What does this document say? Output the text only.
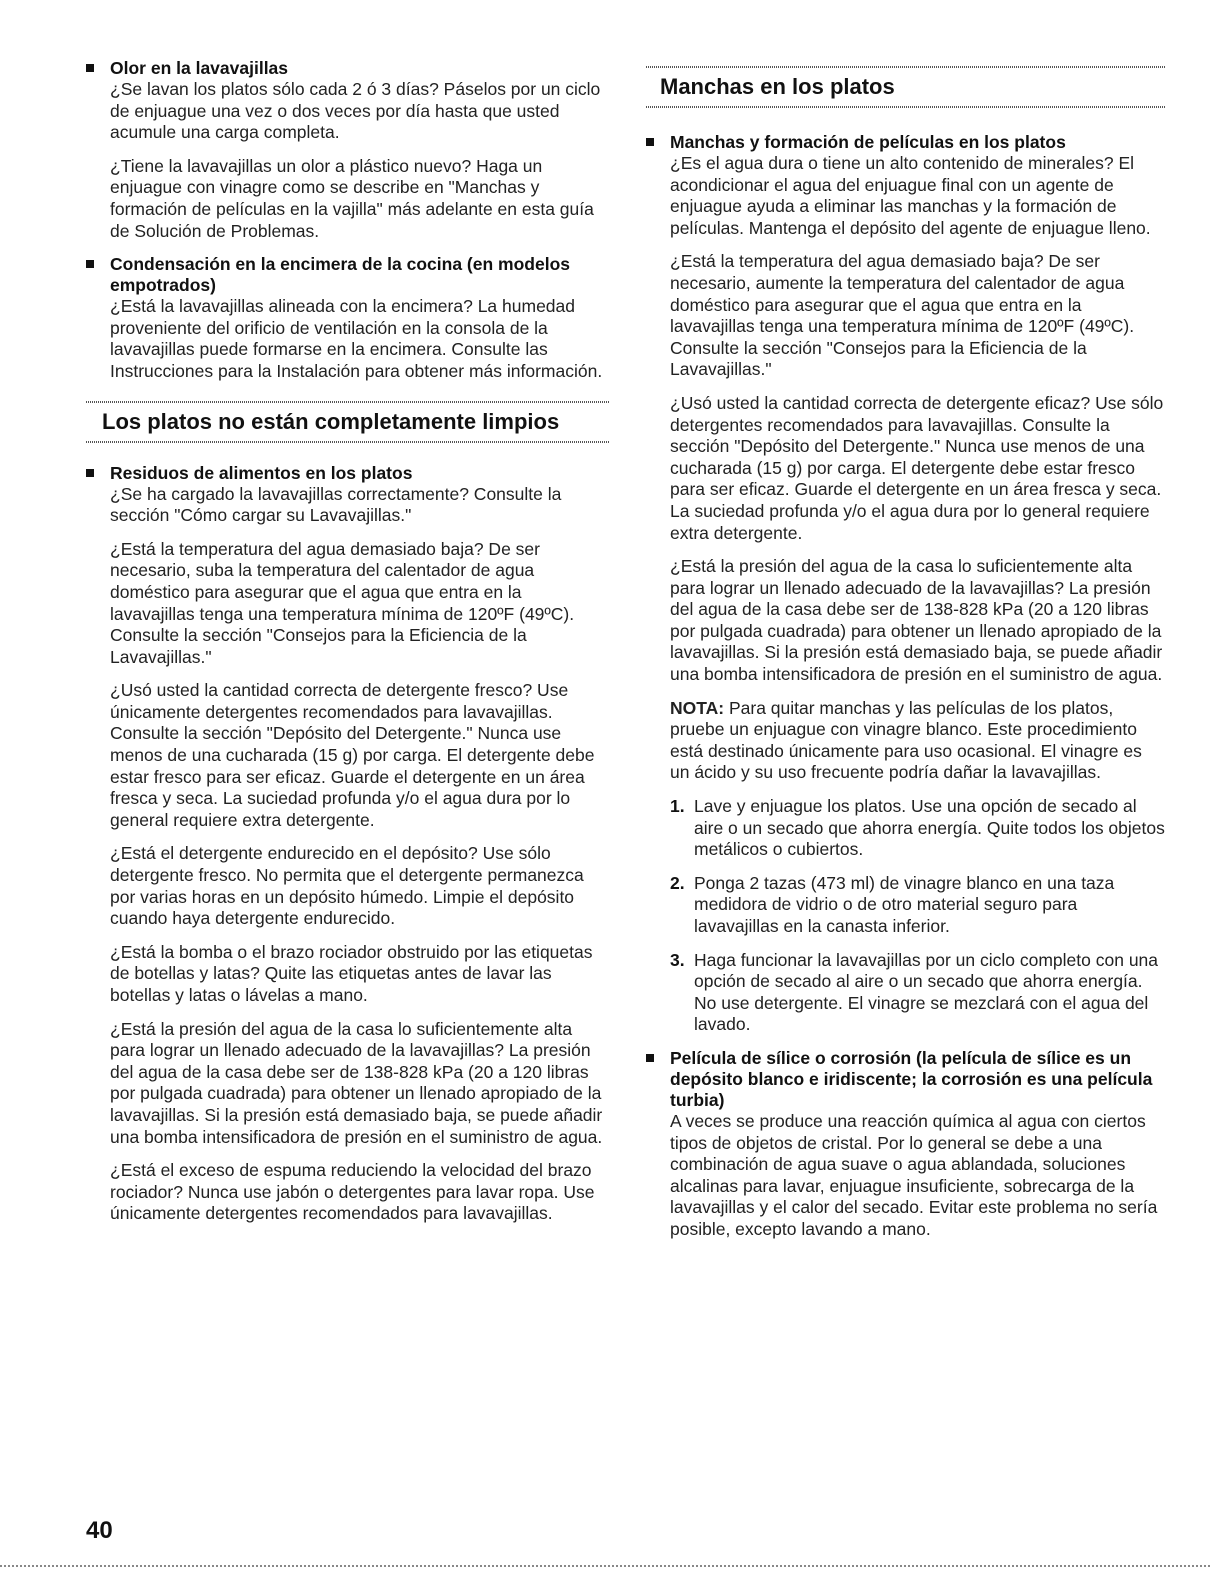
Olor en la lavavajillas

¿Se lavan los platos sólo cada 2 ó 3 días? Páselos por un ciclo de enjuague una vez o dos veces por día hasta que usted acumule una carga completa.

¿Tiene la lavavajillas un olor a plástico nuevo? Haga un enjuague con vinagre como se describe en "Manchas y formación de películas en la vajilla" más adelante en esta guía de Solución de Problemas.

Condensación en la encimera de la cocina (en modelos empotrados)

¿Está la lavavajillas alineada con la encimera? La humedad proveniente del orificio de ventilación en la consola de la lavavajillas puede formarse en la encimera. Consulte las Instrucciones para la Instalación para obtener más información.

Los platos no están completamente limpios
Residuos de alimentos en los platos

¿Se ha cargado la lavavajillas correctamente? Consulte la sección "Cómo cargar su Lavavajillas."

¿Está la temperatura del agua demasiado baja? De ser necesario, suba la temperatura del calentador de agua doméstico para asegurar que el agua que entra en la lavavajillas tenga una temperatura mínima de 120ºF (49ºC). Consulte la sección "Consejos para la Eficiencia de la Lavavajillas."

¿Usó usted la cantidad correcta de detergente fresco? Use únicamente detergentes recomendados para lavavajillas. Consulte la sección "Depósito del Detergente." Nunca use menos de una cucharada (15 g) por carga. El detergente debe estar fresco para ser eficaz. Guarde el detergente en un área fresca y seca. La suciedad profunda y/o el agua dura por lo general requiere extra detergente.

¿Está el detergente endurecido en el depósito? Use sólo detergente fresco. No permita que el detergente permanezca por varias horas en un depósito húmedo. Limpie el depósito cuando haya detergente endurecido.

¿Está la bomba o el brazo rociador obstruido por las etiquetas de botellas y latas? Quite las etiquetas antes de lavar las botellas y latas o lávelas a mano.

¿Está la presión del agua de la casa lo suficientemente alta para lograr un llenado adecuado de la lavavajillas? La presión del agua de la casa debe ser de 138-828 kPa (20 a 120 libras por pulgada cuadrada) para obtener un llenado apropiado de la lavavajillas. Si la presión está demasiado baja, se puede añadir una bomba intensificadora de presión en el suministro de agua.

¿Está el exceso de espuma reduciendo la velocidad del brazo rociador? Nunca use jabón o detergentes para lavar ropa. Use únicamente detergentes recomendados para lavavajillas.

Manchas en los platos
Manchas y formación de películas en los platos

¿Es el agua dura o tiene un alto contenido de minerales? El acondicionar el agua del enjuague final con un agente de enjuague ayuda a eliminar las manchas y la formación de películas. Mantenga el depósito del agente de enjuague lleno.

¿Está la temperatura del agua demasiado baja? De ser necesario, aumente la temperatura del calentador de agua doméstico para asegurar que el agua que entra en la lavavajillas tenga una temperatura mínima de 120ºF (49ºC). Consulte la sección "Consejos para la Eficiencia de la Lavavajillas."

¿Usó usted la cantidad correcta de detergente eficaz? Use sólo detergentes recomendados para lavavajillas. Consulte la sección "Depósito del Detergente." Nunca use menos de una cucharada (15 g) por carga. El detergente debe estar fresco para ser eficaz. Guarde el detergente en un área fresca y seca. La suciedad profunda y/o el agua dura por lo general requiere extra detergente.

¿Está la presión del agua de la casa lo suficientemente alta para lograr un llenado adecuado de la lavavajillas? La presión del agua de la casa debe ser de 138-828 kPa (20 a 120 libras por pulgada cuadrada) para obtener un llenado apropiado de la lavavajillas. Si la presión está demasiado baja, se puede añadir una bomba intensificadora de presión en el suministro de agua.

NOTA: Para quitar manchas y las películas de los platos, pruebe un enjuague con vinagre blanco. Este procedimiento está destinado únicamente para uso ocasional. El vinagre es un ácido y su uso frecuente podría dañar la lavavajillas.

1. Lave y enjuague los platos. Use una opción de secado al aire o un secado que ahorra energía. Quite todos los objetos metálicos o cubiertos.
2. Ponga 2 tazas (473 ml) de vinagre blanco en una taza medidora de vidrio o de otro material seguro para lavavajillas en la canasta inferior.
3. Haga funcionar la lavavajillas por un ciclo completo con una opción de secado al aire o un secado que ahorra energía. No use detergente. El vinagre se mezclará con el agua del lavado.
Película de sílice o corrosión (la película de sílice es un depósito blanco e iridiscente; la corrosión es una película turbia)

A veces se produce una reacción química al agua con ciertos tipos de objetos de cristal. Por lo general se debe a una combinación de agua suave o agua ablandada, soluciones alcalinas para lavar, enjuague insuficiente, sobrecarga de la lavavajillas y el calor del secado. Evitar este problema no sería posible, excepto lavando a mano.

40
